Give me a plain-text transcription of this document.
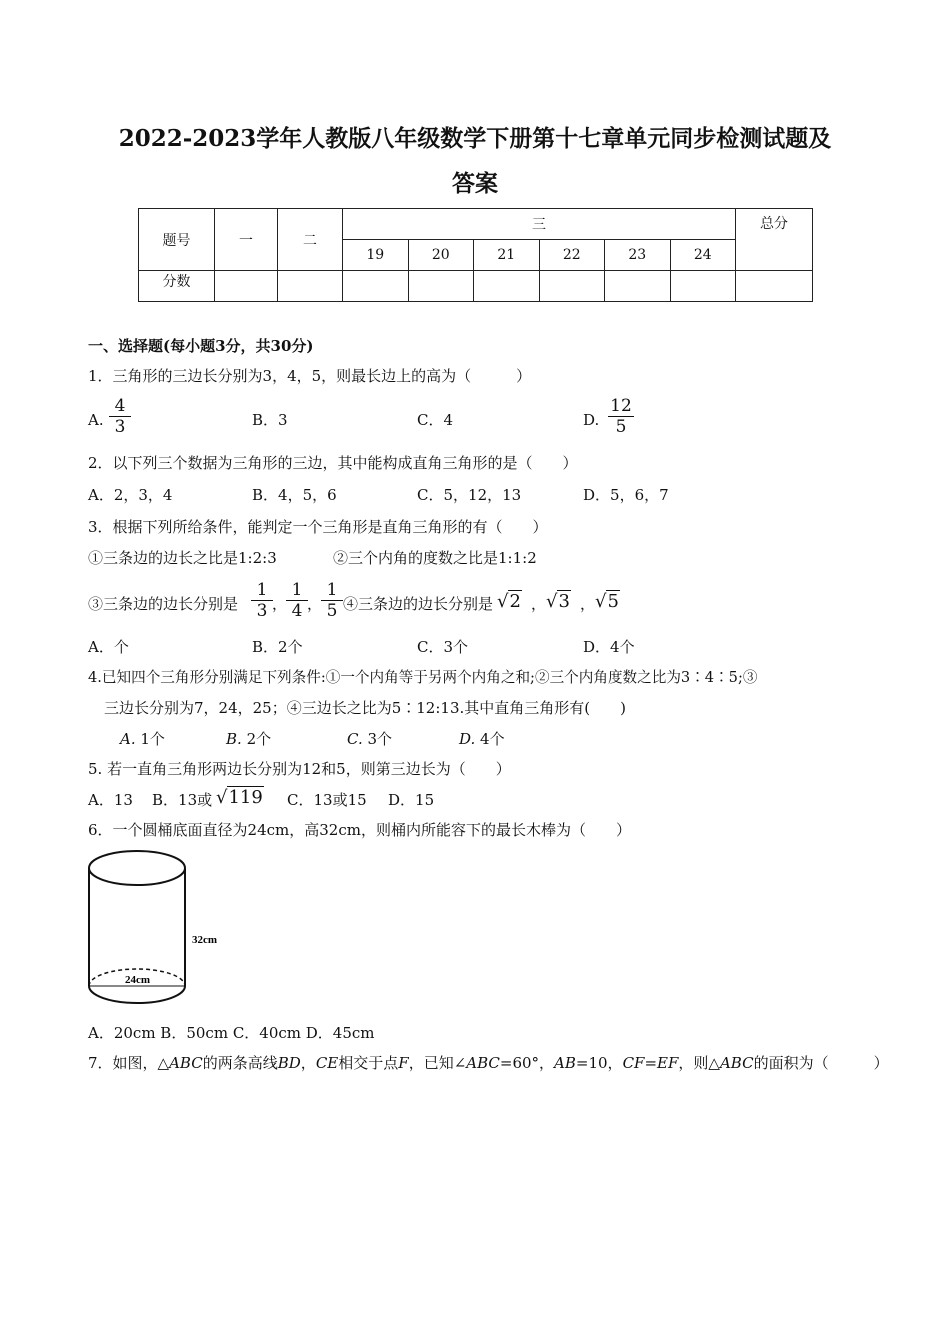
2022-2023学年人教版八年级数学下册第十七章单元同步检测试题及
答案
题号	一	二	三						总分
			19	20	21	22	23	24	
分数									
一、选择题(每小题3分，共30分)
1．三角形的三边长分别为3，4，5，则最长边上的高为（　　　）
A. $\frac{4}{3}$	B．3	C．4	D. $\frac{12}{5}$
2．以下列三个数据为三角形的三边，其中能构成直角三角形的是（　　）
A．2，3，4	B．4，5，6	C．5，12，13	D．5，6，7
3．根据下列所给条件，能判定一个三角形是直角三角形的有（　　）
①三条边的边长之比是1:2:3	②三个内角的度数之比是1:1:2
③三条边的边长分别是 $\frac{1}{3}$ ，
$\frac{1}{4}$ ，
$\frac{1}{5}$ ④三条边的边长分别是 √2 ， √3 ， √5
A．个	B．2个	C．3个	D．4个
4.已知四个三角形分别满足下列条件:①一个内角等于另两个内角之和;②三个内角度数之比为3∶4∶5;③
三边长分别为7，24，25；④三边长之比为5∶12:13.其中直角三角形有(　　)
A. 1个	B. 2个	C. 3个	D. 4个
5. 若一直角三角形两边长分别为12和5，则第三边长为（　　）
A．13 B．13或 √119 C．13或15 D．15
6．一个圆桶底面直径为24cm，高32cm，则桶内所能容下的最长木棒为（　　）
32cm
24cm
A．20cm B．50cm C．40cm D．45cm
7．如图，△ABC的两条高线BD，CE相交于点F，已知∠ABC=60°，AB=10，CF=EF，则△ABC的面积为（　　　）
